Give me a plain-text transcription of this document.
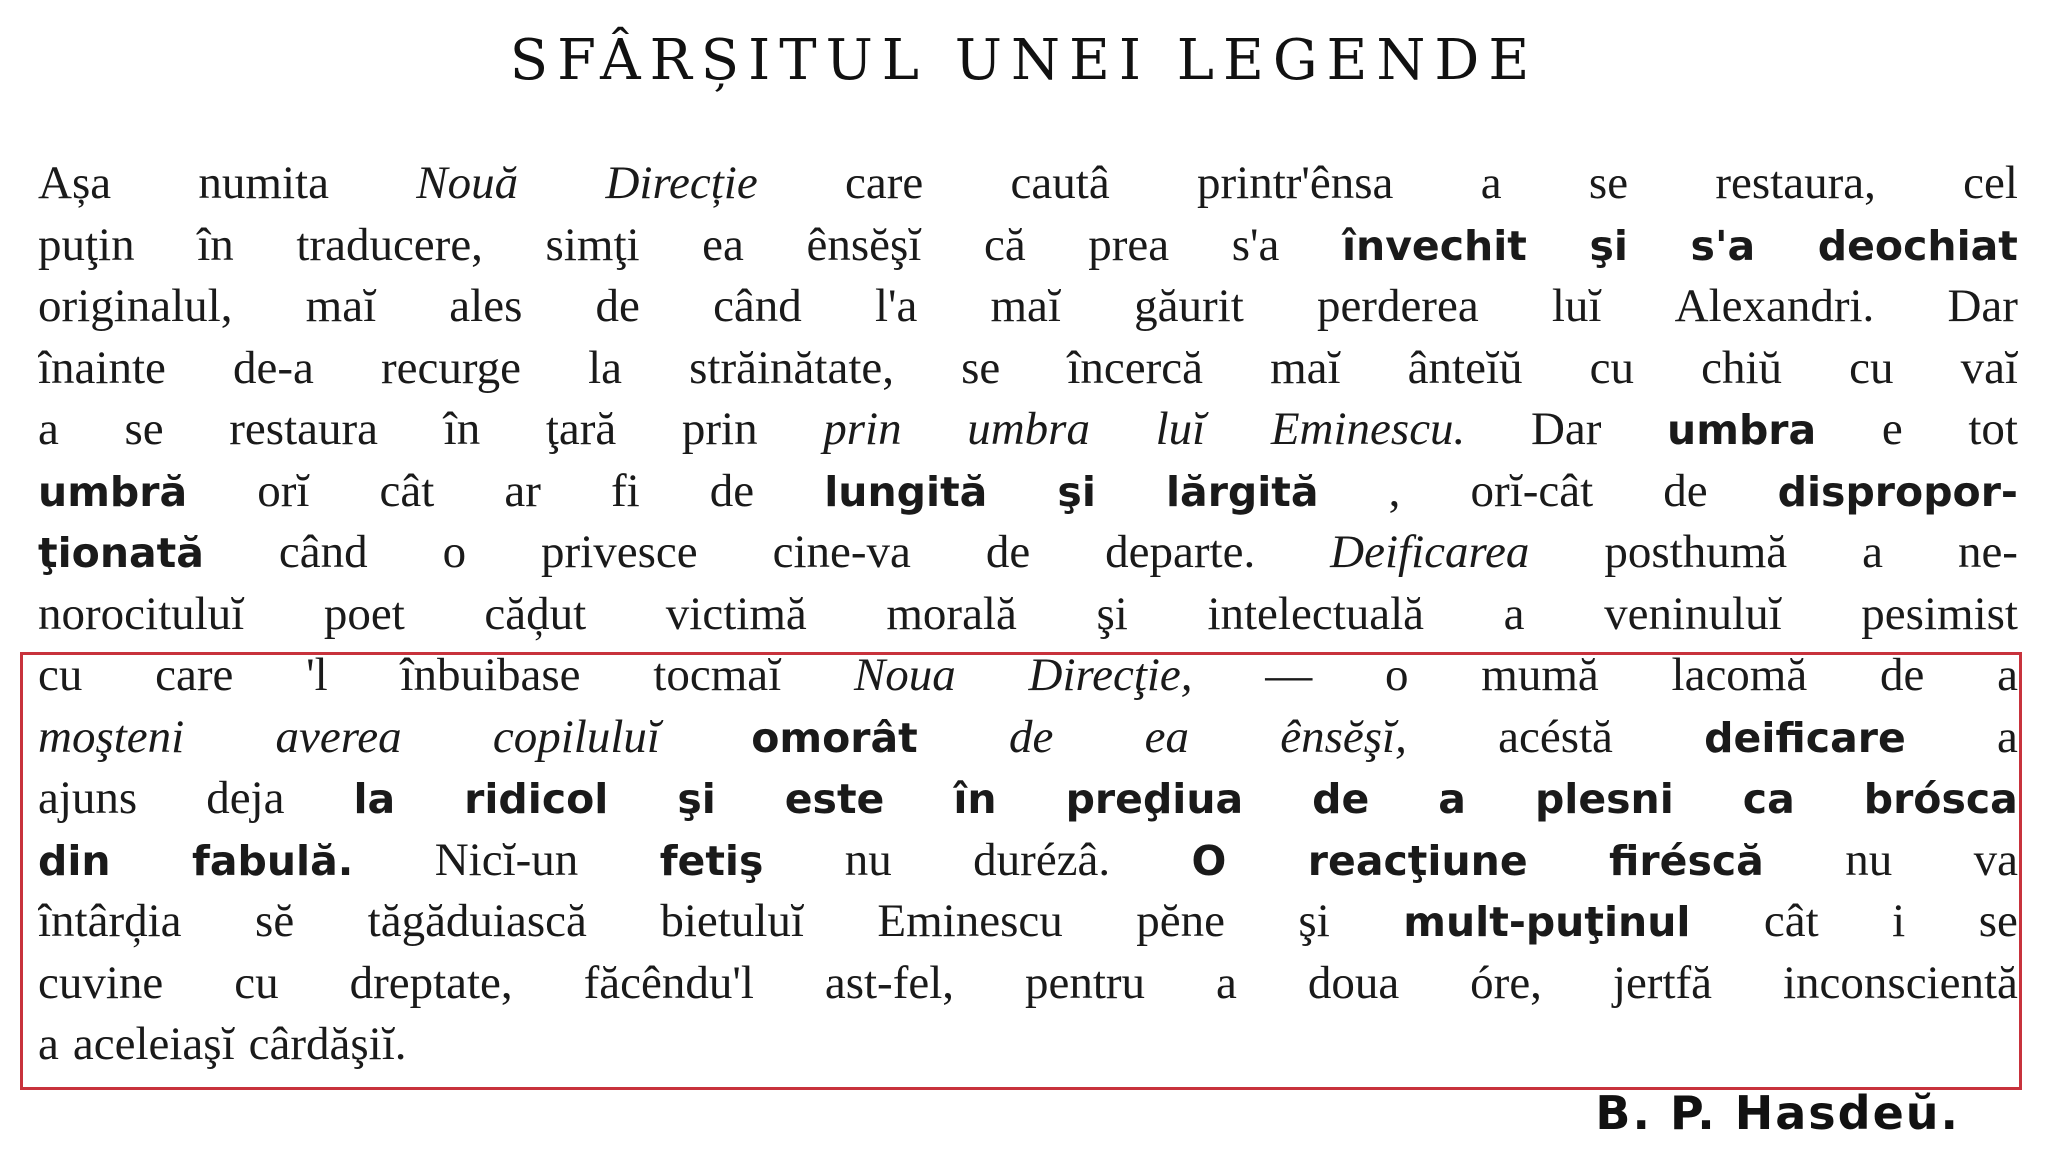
SFÂRȘITUL UNEI LEGENDE
Așa numita Nouă Direcție care cautâ printr'ênsa a se restaura, cel
puţin în traducere, simţi ea ênsĕşĭ că prea s'a învechit şi s'a deochiat
originalul, maĭ ales de când l'a maĭ găurit perderea luĭ Alexandri. Dar
înainte de-a recurge la străinătate, se încercă maĭ ânteĭŭ cu chiŭ cu vaĭ
a se restaura în ţară prin prin umbra luĭ Eminescu. Dar umbra e tot
umbră orĭ cât ar fi de lungită şi lărgită , orĭ-cât de dispropor-
ţionată când o privesce cine-va de departe. Deificarea posthumă a ne-
norocituluĭ poet căḑut victimă morală şi intelectuală a veninuluĭ pesimist
cu care 'l înbuibase tocmaĭ Noua Direcţie, — o mumă lacomă de a
moşteni averea copiluluĭ omorât de ea ênsĕşĭ, acéstă deificare a
ajuns deja la ridicol şi este în preḑiua de a plesni ca brósca
din fabulă. Nicĭ-un fetiş nu durézâ. O reacţiune firéscă nu va
întârḑia sĕ tăgăduiască bietuluĭ Eminescu pĕne şi mult-puţinul cât i se
cuvine cu dreptate, făcêndu'l ast-fel, pentru a doua óre, jertfă inconscientă
a aceleiaşĭ cârdăşiĭ.
B. P. Hasdeŭ.
